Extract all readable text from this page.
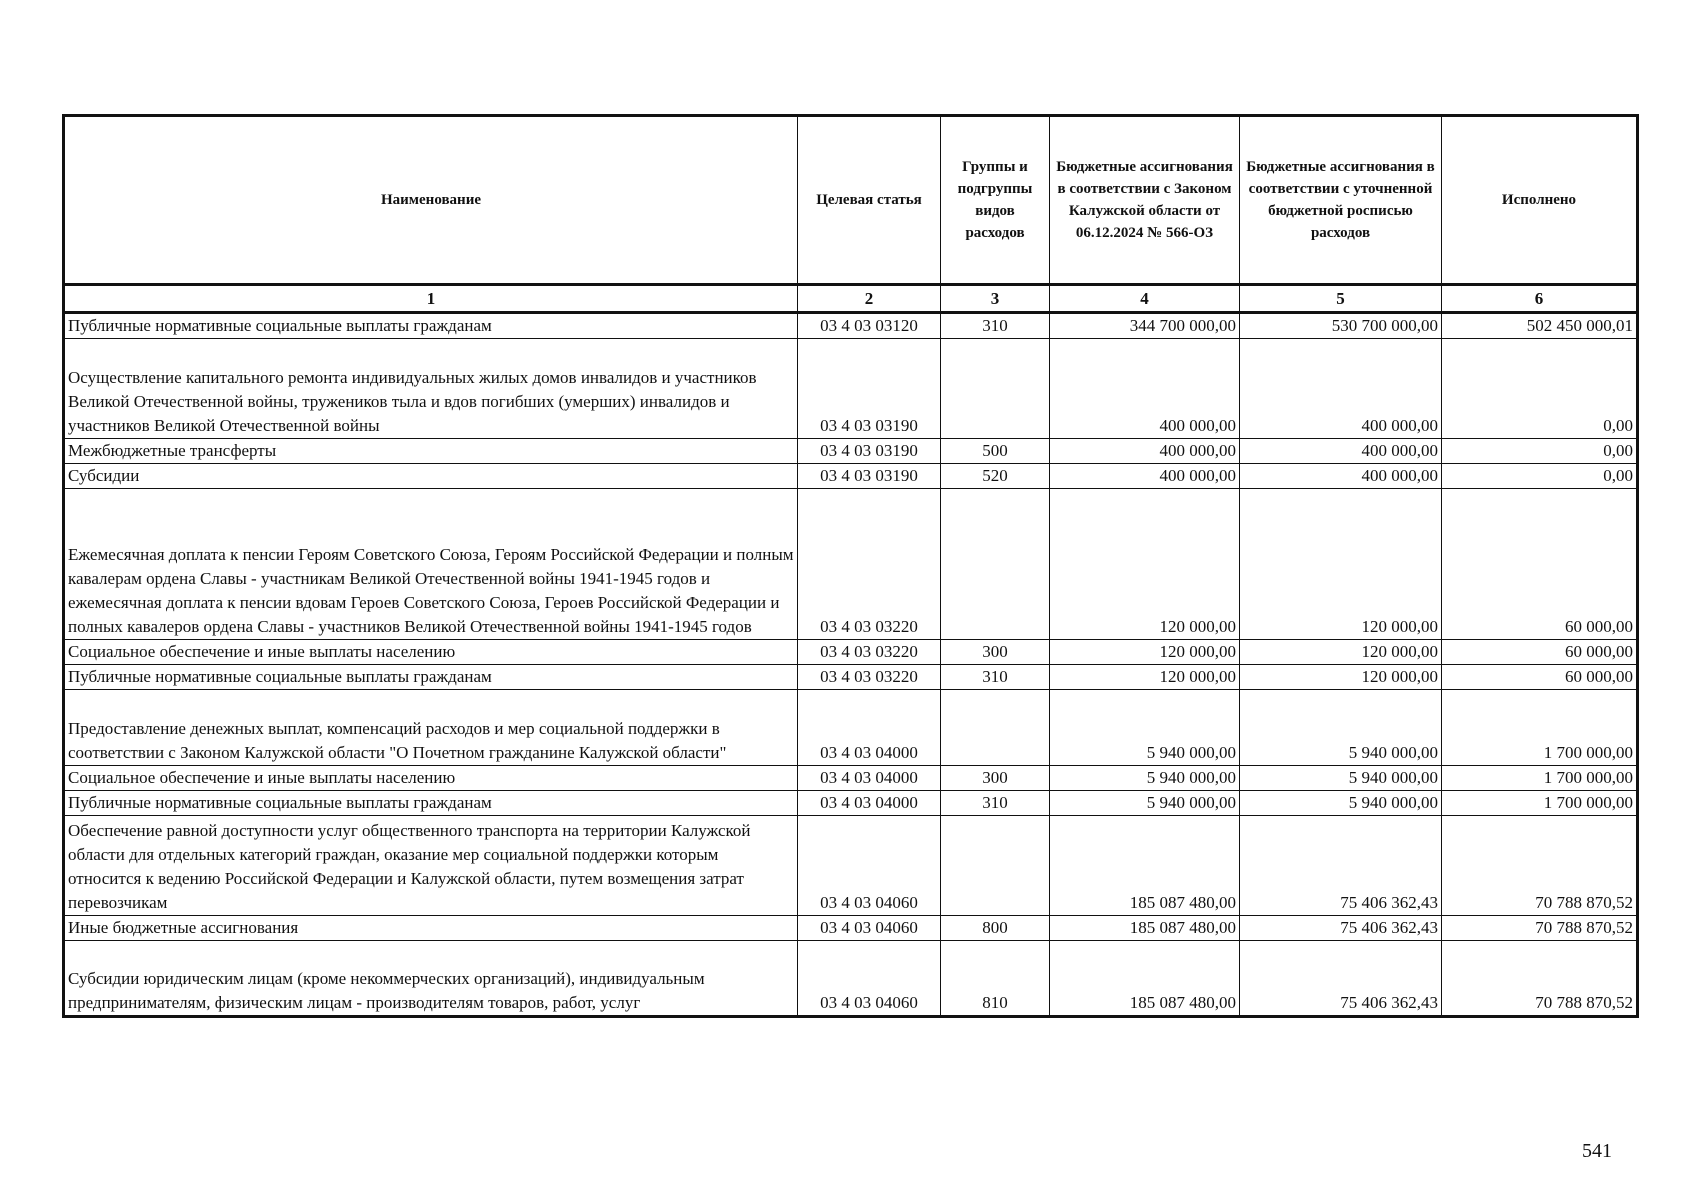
Наименование	Целевая статья	Группы и подгруппы видов расходов	Бюджетные ассигнования в соответствии с Законом Калужской области от 06.12.2024 № 566-ОЗ	Бюджетные ассигнования в соответствии с уточненной бюджетной росписью расходов	Исполнено
1	2	3	4	5	6
Публичные нормативные социальные выплаты гражданам	03 4 03 03120	310	344 700 000,00	530 700 000,00	502 450 000,01
Осуществление капитального ремонта индивидуальных жилых домов инвалидов и участников Великой Отечественной войны, тружеников тыла и вдов погибших (умерших) инвалидов и участников Великой Отечественной войны	03 4 03 03190		400 000,00	400 000,00	0,00
Межбюджетные трансферты	03 4 03 03190	500	400 000,00	400 000,00	0,00
Субсидии	03 4 03 03190	520	400 000,00	400 000,00	0,00
Ежемесячная доплата к пенсии Героям Советского Союза, Героям Российской Федерации и полным кавалерам ордена Славы - участникам Великой Отечественной войны 1941-1945 годов и ежемесячная доплата к пенсии вдовам Героев Советского Союза, Героев Российской Федерации и полных кавалеров ордена Славы - участников Великой Отечественной войны 1941-1945 годов	03 4 03 03220		120 000,00	120 000,00	60 000,00
Социальное обеспечение и иные выплаты населению	03 4 03 03220	300	120 000,00	120 000,00	60 000,00
Публичные нормативные социальные выплаты гражданам	03 4 03 03220	310	120 000,00	120 000,00	60 000,00
Предоставление денежных выплат, компенсаций расходов и мер социальной поддержки в соответствии с Законом Калужской области "О Почетном гражданине Калужской области"	03 4 03 04000		5 940 000,00	5 940 000,00	1 700 000,00
Социальное обеспечение и иные выплаты населению	03 4 03 04000	300	5 940 000,00	5 940 000,00	1 700 000,00
Публичные нормативные социальные выплаты гражданам	03 4 03 04000	310	5 940 000,00	5 940 000,00	1 700 000,00
Обеспечение равной доступности услуг общественного транспорта на территории Калужской области для отдельных категорий граждан, оказание мер социальной поддержки которым относится к ведению Российской Федерации и Калужской области, путем возмещения затрат перевозчикам	03 4 03 04060		185 087 480,00	75 406 362,43	70 788 870,52
Иные бюджетные ассигнования	03 4 03 04060	800	185 087 480,00	75 406 362,43	70 788 870,52
Субсидии юридическим лицам (кроме некоммерческих организаций), индивидуальным предпринимателям, физическим лицам - производителям товаров, работ, услуг	03 4 03 04060	810	185 087 480,00	75 406 362,43	70 788 870,52
541
